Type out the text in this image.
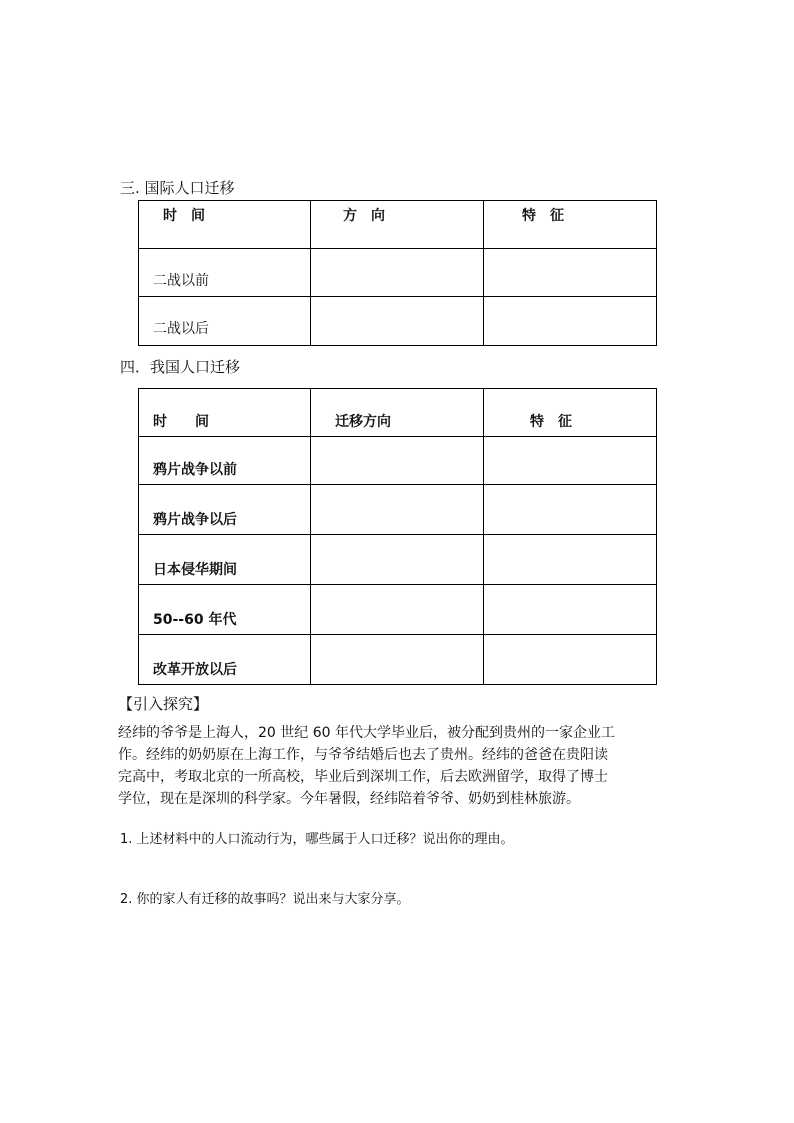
三. 国际人口迁移
时　间	方　向	特　征

二战以前		

二战以后		

四．我国人口迁移
时　　间	迁移方向	特　征

鸦片战争以前		

鸦片战争以后		

日本侵华期间		

50--60 年代		

改革开放以后		

【引入探究】
经纬的爷爷是上海人，20 世纪 60 年代大学毕业后，被分配到贵州的一家企业工
作。经纬的奶奶原在上海工作，与爷爷结婚后也去了贵州。经纬的爸爸在贵阳读
完高中，考取北京的一所高校，毕业后到深圳工作，后去欧洲留学，取得了博士
学位，现在是深圳的科学家。今年暑假，经纬陪着爷爷、奶奶到桂林旅游。
1. 上述材料中的人口流动行为，哪些属于人口迁移？说出你的理由。
2. 你的家人有迁移的故事吗？说出来与大家分享。
